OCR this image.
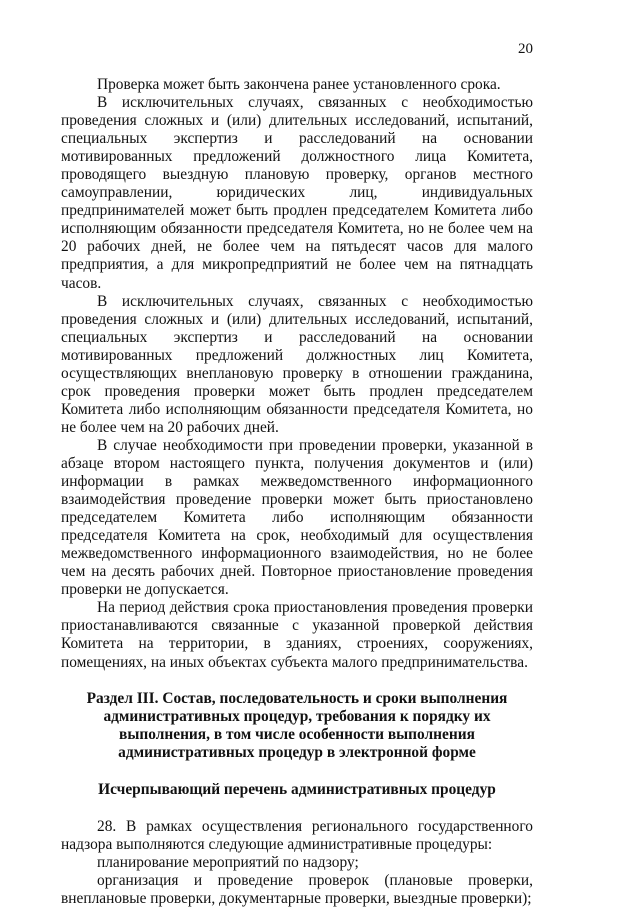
20

Проверка может быть закончена ранее установленного срока.

В исключительных случаях, связанных с необходимостью проведения сложных и (или) длительных исследований, испытаний, специальных экспертиз и расследований на основании мотивированных предложений должностного лица Комитета, проводящего выездную плановую проверку, органов местного самоуправлении, юридических лиц, индивидуальных предпринимателей может быть продлен председателем Комитета либо исполняющим обязанности председателя Комитета, но не более чем на 20 рабочих дней, не более чем на пятьдесят часов для малого предприятия, а для микропредприятий не более чем на пятнадцать часов.

В исключительных случаях, связанных с необходимостью проведения сложных и (или) длительных исследований, испытаний, специальных экспертиз и расследований на основании мотивированных предложений должностных лиц Комитета, осуществляющих внеплановую проверку в отношении гражданина, срок проведения проверки может быть продлен председателем Комитета либо исполняющим обязанности председателя Комитета, но не более чем на 20 рабочих дней.

В случае необходимости при проведении проверки, указанной в абзаце втором настоящего пункта, получения документов и (или) информации в рамках межведомственного информационного взаимодействия проведение проверки может быть приостановлено председателем Комитета либо исполняющим обязанности председателя Комитета на срок, необходимый для осуществления межведомственного информационного взаимодействия, но не более чем на десять рабочих дней. Повторное приостановление проведения проверки не допускается.

На период действия срока приостановления проведения проверки приостанавливаются связанные с указанной проверкой действия Комитета на территории, в зданиях, строениях, сооружениях, помещениях, на иных объектах субъекта малого предпринимательства.

Раздел III. Состав, последовательность и сроки выполнения административных процедур, требования к порядку их выполнения, в том числе особенности выполнения административных процедур в электронной форме

Исчерпывающий перечень административных процедур

28. В рамках осуществления регионального государственного надзора выполняются следующие административные процедуры:

планирование мероприятий по надзору;

организация и проведение проверок (плановые проверки, внеплановые проверки, документарные проверки, выездные проверки);
